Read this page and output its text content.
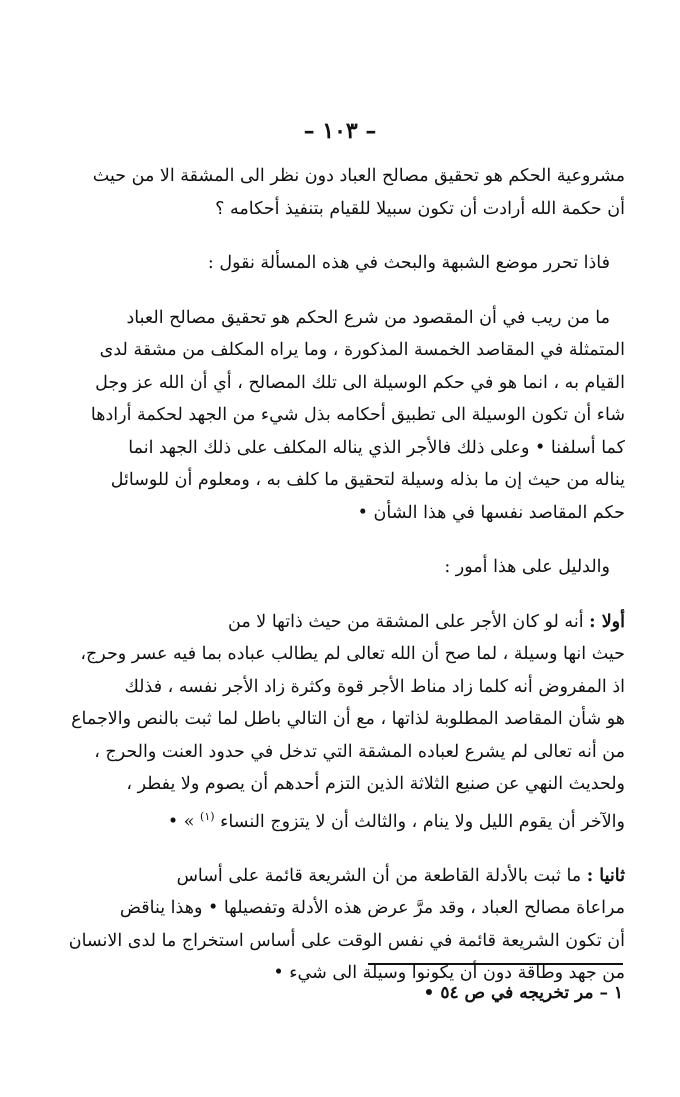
– ١٠٣ –

مشروعية الحكم هو تحقيق مصالح العباد دون نظر الى المشقة الا من حيث
أن حكمة الله أرادت أن تكون سبيلا للقيام بتنفيذ أحكامه ؟

فاذا تحرر موضع الشبهة والبحث في هذه المسألة نقول :

ما من ريب في أن المقصود من شرع الحكم هو تحقيق مصالح العباد
المتمثلة في المقاصد الخمسة المذكورة ، وما يراه المكلف من مشقة لدى
القيام به ، انما هو في حكم الوسيلة الى تلك المصالح ، أي أن الله عز وجل
شاء أن تكون الوسيلة الى تطبيق أحكامه بذل شيء من الجهد لحكمة أرادها
كما أسلفنا • وعلى ذلك فالأجر الذي يناله المكلف على ذلك الجهد انما
يناله من حيث إن ما بذله وسيلة لتحقيق ما كلف به ، ومعلوم أن للوسائل
حكم المقاصد نفسها في هذا الشأن •

والدليل على هذا أمور :

أولا : أنه لو كان الأجر على المشقة من حيث ذاتها لا من
حيث انها وسيلة ، لما صح أن الله تعالى لم يطالب عباده بما فيه عسر وحرج،
اذ المفروض أنه كلما زاد مناط الأجر قوة وكثرة زاد الأجر نفسه ، فذلك
هو شأن المقاصد المطلوبة لذاتها ، مع أن التالي باطل لما ثبت بالنص والاجماع
من أنه تعالى لم يشرع لعباده المشقة التي تدخل في حدود العنت والحرج ،
ولحديث النهي عن صنيع الثلاثة الذين التزم أحدهم أن يصوم ولا يفطر ،
والآخر أن يقوم الليل ولا ينام ، والثالث أن لا يتزوج النساء $^{(١)}$ » •

ثانيا : ما ثبت بالأدلة القاطعة من أن الشريعة قائمة على أساس
مراعاة مصالح العباد ، وقد مرَّ عرض هذه الأدلة وتفصيلها • وهذا يناقض
أن تكون الشريعة قائمة في نفس الوقت على أساس استخراج ما لدى الانسان
من جهد وطاقة دون أن يكونوا وسيلة الى شيء •

١ – مر تخريجه في ص ٥٤ •
